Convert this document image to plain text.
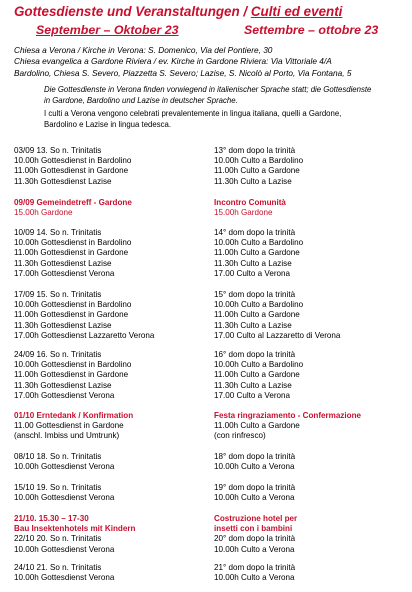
Gottesdienste und Veranstaltungen / Culti ed eventi
September – Oktober 23	Settembre – ottobre 23
Chiesa a Verona / Kirche in Verona: S. Domenico, Via del Pontiere, 30
Chiesa evangelica a Gardone Riviera / ev. Kirche in Gardone Riviera: Via Vittoriale 4/A
Bardolino, Chiesa S. Severo, Piazzetta S. Severo; Lazise, S. Nicolò al Porto, Via Fontana, 5
Die Gottesdienste in Verona finden vorwiegend in italienischer Sprache statt; die Gottesdienste in Gardone, Bardolino und Lazise in deutscher Sprache.
I culti a Verona vengono celebrati prevalentemente in lingua italiana, quelli a Gardone, Bardolino e Lazise in lingua tedesca.
03/09 13. So n. Trinitatis
10.00h Gottesdienst in Bardolino
11.00h Gottesdienst in Gardone
11.30h Gottesdienst Lazise
09/09 Gemeindetreff - Gardone
15.00h Gardone
10/09 14. So n. Trinitatis
10.00h Gottesdienst in Bardolino
11.00h Gottesdienst in Gardone
11.30h Gottesdienst Lazise
17.00h Gottesdienst Verona
17/09 15. So n. Trinitatis
10.00h Gottesdienst in Bardolino
11.00h Gottesdienst in Gardone
11.30h Gottesdienst Lazise
17.00h Gottesdienst Lazzaretto Verona
24/09 16. So n. Trinitatis
10.00h Gottesdienst in Bardolino
11.00h Gottesdienst in Gardone
11.30h Gottesdienst Lazise
17.00h Gottesdienst Verona
01/10 Erntedank / Konfirmation
11.00 Gottesdienst in Gardone
(anschl. Imbiss und Umtrunk)
08/10 18. So n. Trinitatis
10.00h Gottesdienst Verona
15/10 19. So n. Trinitatis
10.00h Gottesdienst Verona
21/10. 15.30 – 17-30
Bau Insektenhotels mit Kindern
22/10 20. So n. Trinitatis
10.00h Gottesdienst Verona
24/10 21. So n. Trinitatis
10.00h Gottesdienst Verona
13° dom dopo la trinità
10.00h Culto a Bardolino
11.00h Culto a Gardone
11.30h Culto a Lazise
Incontro Comunità
15.00h Gardone
14° dom dopo la trinità
10.00h Culto a Bardolino
11.00h Culto a Gardone
11.30h Culto a Lazise
17.00 Culto a Verona
15° dom dopo la trinità
10.00h Culto a Bardolino
11.00h Culto a Gardone
11.30h Culto a Lazise
17.00 Culto al Lazzaretto di Verona
16° dom dopo la trinità
10.00h Culto a Bardolino
11.00h Culto a Gardone
11.30h Culto a Lazise
17.00 Culto a Verona
Festa ringraziamento - Confermazione
11.00h Culto a Gardone
(con rinfresco)
18° dom dopo la trinità
10.00h Culto a Verona
19° dom dopo la trinità
10.00h Culto a Verona
Costruzione hotel per
insetti con i bambini
20° dom dopo la trinità
10.00h Culto a Verona
21° dom dopo la trinità
10.00h Culto a Verona
